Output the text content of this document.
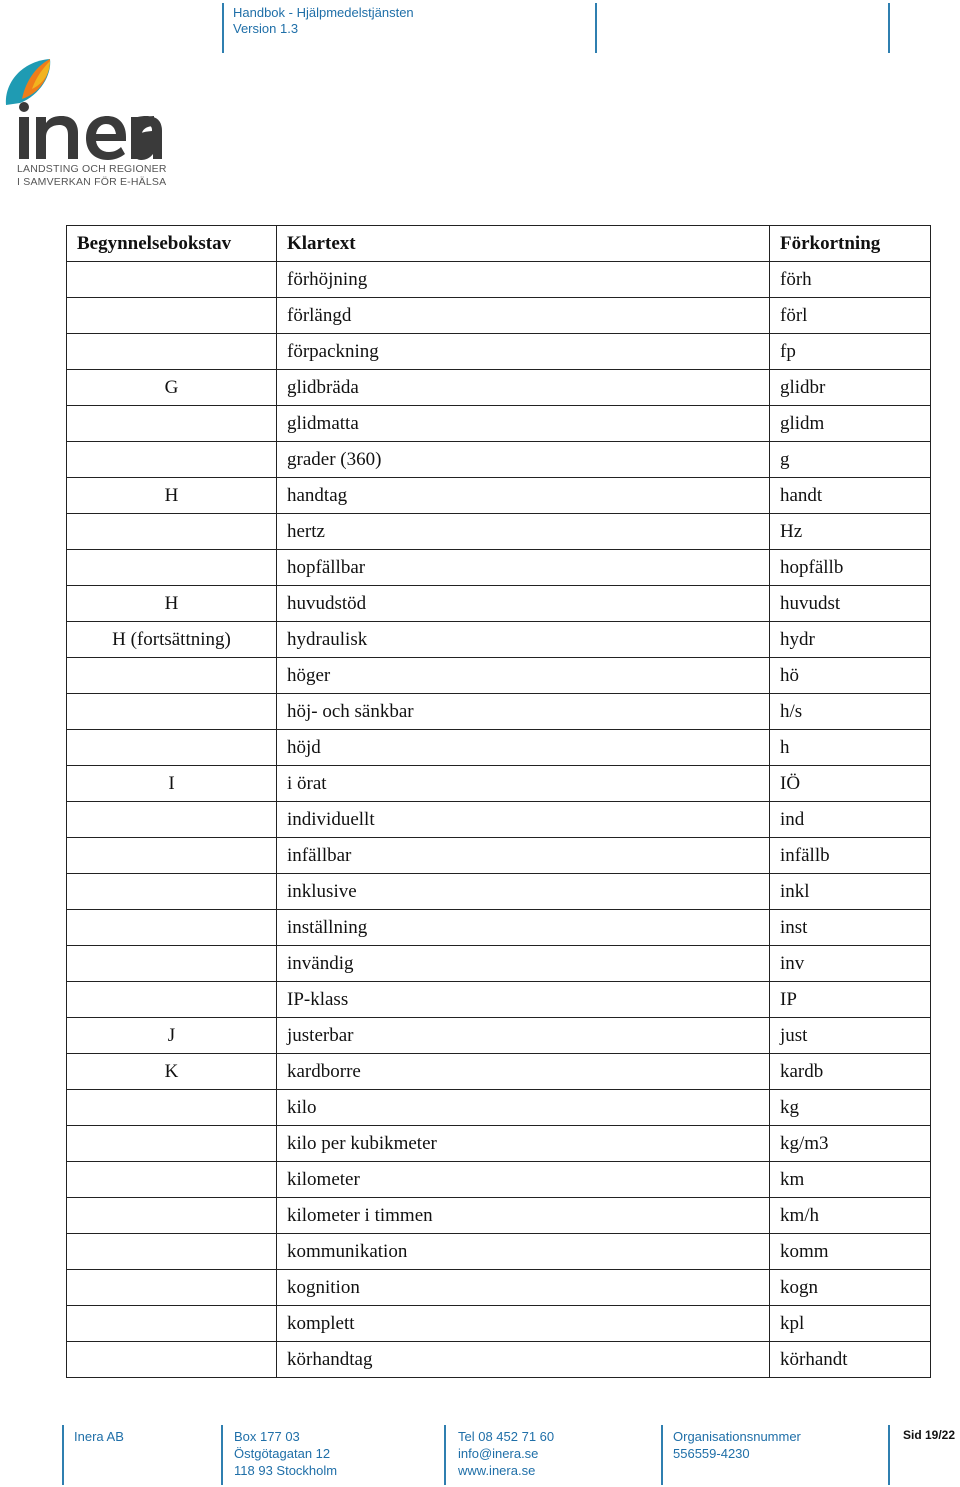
Handbok - Hjälpmedelstjänsten
Version 1.3
LANDSTING OCH REGIONER
I SAMVERKAN FÖR E-HÄLSA
Begynnelsebokstav	Klartext	Förkortning
	förhöjning	förh
	förlängd	förl
	förpackning	fp
G	glidbräda	glidbr
	glidmatta	glidm
	grader (360)	g
H	handtag	handt
	hertz	Hz
	hopfällbar	hopfällb
H	huvudstöd	huvudst
H (fortsättning)	hydraulisk	hydr
	höger	hö
	höj- och sänkbar	h/s
	höjd	h
I	i örat	IÖ
	individuellt	ind
	infällbar	infällb
	inklusive	inkl
	inställning	inst
	invändig	inv
	IP-klass	IP
J	justerbar	just
K	kardborre	kardb
	kilo	kg
	kilo per kubikmeter	kg/m3
	kilometer	km
	kilometer i timmen	km/h
	kommunikation	komm
	kognition	kogn
	komplett	kpl
	körhandtag	körhandt
Inera AB	Box 177 03
Östgötagatan 12
118 93 Stockholm
Tel 08 452 71 60
info@inera.se
www.inera.se
Organisationsnummer
556559-4230
Sid 19/22
